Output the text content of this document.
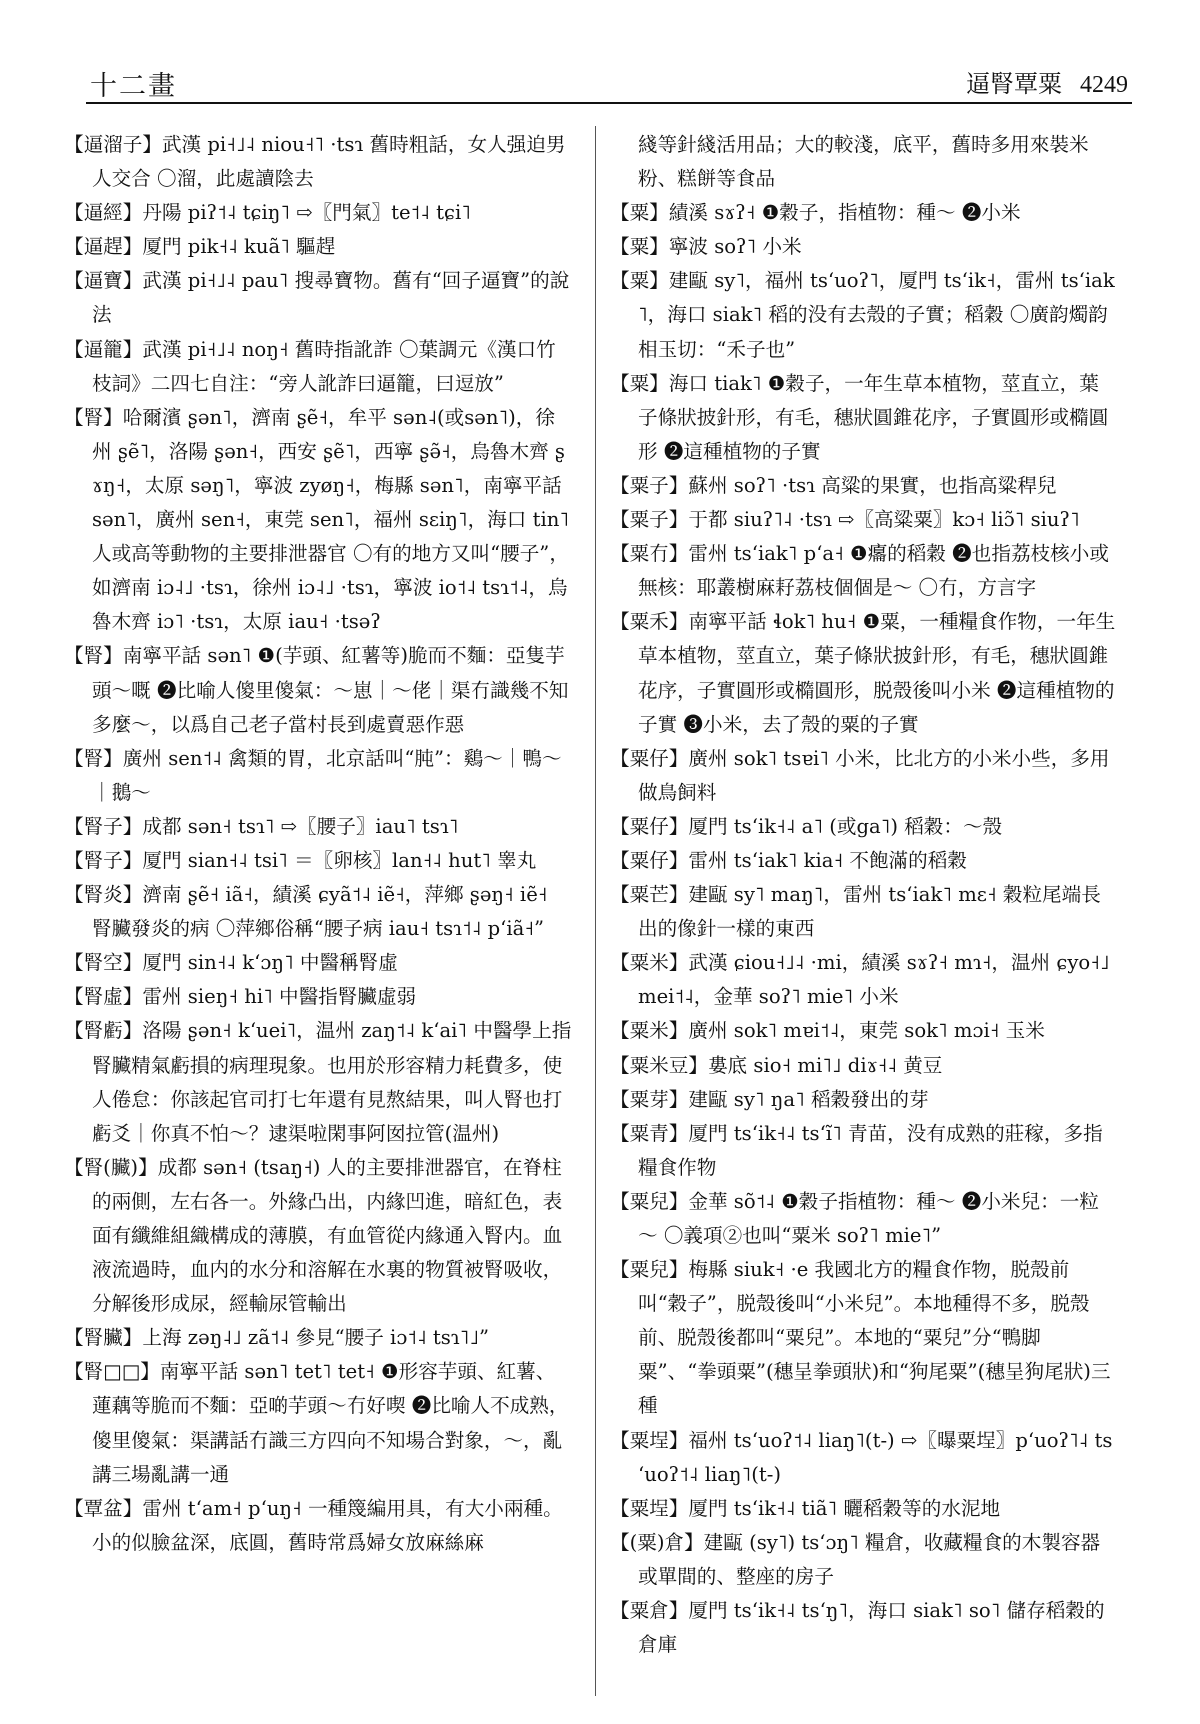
十二畫	逼腎覃粟 4249

【逼溜子】武漢 pi˧˩˨ niou˧˥ ·tsɿ 舊時粗話，女人强迫男人交合 〇溜，此處讀陰去

【逼經】丹陽 piʔ˦˨ tɕiŋ˥ ⇨〖門氣〗te˦˨ tɕi˥

【逼趕】厦門 pik˧˨ kuã˥ 驅趕

【逼寶】武漢 pi˧˩˨ pau˥ 搜尋寶物。舊有“回子逼寶”的說法

【逼籠】武漢 pi˧˩˨ noŋ˧ 舊時指訛詐 〇葉調元《漢口竹枝詞》二四七自注：“旁人訛詐曰逼籠，曰逗放”

【腎】哈爾濱 ʂən˥，濟南 ʂẽ˧，牟平 sən˨(或sən˥)，徐州 ʂẽ˥，洛陽 ʂən˧，西安 ʂẽ˥，西寧 ʂə̃˧，烏魯木齊 ʂɤŋ˧，太原 səŋ˥，寧波 zyøŋ˧，梅縣 sən˥，南寧平話 sən˥，廣州 sen˧，東莞 sen˥，福州 sɛiŋ˥，海口 tin˥ 人或高等動物的主要排泄器官 〇有的地方又叫“腰子”，如濟南 iɔ˨˩ ·tsɿ，徐州 iɔ˨˩ ·tsɿ，寧波 io˦˨ tsɿ˦˨，烏魯木齊 iɔ˥ ·tsɿ，太原 iau˧ ·tsəʔ

【腎】南寧平話 sən˥ ❶(芋頭、紅薯等)脆而不麵：亞隻芋頭～嘅 ❷比喻人傻里傻氣：～崽｜～佬｜渠冇識幾不知多麼～，以爲自己老子當村長到處賣惡作惡

【腎】廣州 sen˦˨ 禽類的胃，北京話叫“肫”：鷄～｜鴨～｜鵝～

【腎子】成都 sən˧ tsɿ˥ ⇨〖腰子〗iau˥ tsɿ˥

【腎子】厦門 sian˧˨ tsi˥ ＝〖卵核〗lan˧˨ hut˥ 睾丸

【腎炎】濟南 ʂẽ˧ iã˧，績溪 ɕyã˦˨ iẽ˧，萍鄉 ʂəŋ˧ iẽ˧ 腎臟發炎的病 〇萍鄉俗稱“腰子病 iau˧ tsɿ˦˨ pʻiã˧”

【腎空】厦門 sin˧˨ kʻɔŋ˥ 中醫稱腎虛

【腎虛】雷州 sieŋ˧ hi˥ 中醫指腎臟虛弱

【腎虧】洛陽 ʂən˧ kʻuei˥，温州 zaŋ˦˨ kʻai˥ 中醫學上指腎臟精氣虧損的病理現象。也用於形容精力耗費多，使人倦怠：你該起官司打七年還有見熬結果，叫人腎也打虧爻｜你真不怕～？逮渠啦閑事阿囡拉管(温州)

【腎(臟)】成都 sən˧ (tsaŋ˧) 人的主要排泄器官，在脊柱的兩側，左右各一。外緣凸出，内緣凹進，暗紅色，表面有纖維組織構成的薄膜，有血管從内緣通入腎内。血液流過時，血内的水分和溶解在水裏的物質被腎吸收，分解後形成尿，經輸尿管輸出

【腎臟】上海 zəŋ˨˩ zã˦˨ 參見“腰子 iɔ˦˨ tsɿ˥˩”

【腎□□】南寧平話 sən˥ tet˥ tet˧ ❶形容芋頭、紅薯、蓮藕等脆而不麵：亞啲芋頭～冇好喫 ❷比喻人不成熟，傻里傻氣：渠講話冇識三方四向不知場合對象，～，亂講三場亂講一通

【覃盆】雷州 tʻam˧ pʻuŋ˧ 一種篾編用具，有大小兩種。小的似臉盆深，底圓，舊時常爲婦女放麻絲麻

綫等針綫活用品；大的較淺，底平，舊時多用來裝米粉、糕餅等食品

【粟】績溪 sɤʔ˧ ❶穀子，指植物：種～ ❷小米

【粟】寧波 soʔ˥ 小米

【粟】建甌 sy˥，福州 tsʻuoʔ˥，厦門 tsʻik˧，雷州 tsʻiak˥，海口 siak˥ 稻的没有去殼的子實；稻穀 〇廣韵燭韵相玉切：“禾子也”

【粟】海口 tiak˥ ❶穀子，一年生草本植物，莖直立，葉子條狀披針形，有毛，穗狀圓錐花序，子實圓形或橢圓形 ❷這種植物的子實

【粟子】蘇州 soʔ˥ ·tsɿ 高粱的果實，也指高粱稈兒

【粟子】于都 siuʔ˥˨ ·tsɿ ⇨〖高粱粟〗kɔ˧ liɔ̃˥ siuʔ˥

【粟冇】雷州 tsʻiak˥ pʻa˧ ❶癟的稻穀 ❷也指荔枝核小或無核：耶叢樹麻耔荔枝個個是～ 〇冇，方言字

【粟禾】南寧平話 ɬok˥ hu˧ ❶粟，一種糧食作物，一年生草本植物，莖直立，葉子條狀披針形，有毛，穗狀圓錐花序，子實圓形或橢圓形，脱殼後叫小米 ❷這種植物的子實 ❸小米，去了殼的粟的子實

【粟仔】廣州 sok˥ tsɐi˥ 小米，比北方的小米小些，多用做鳥飼料

【粟仔】厦門 tsʻik˧˨ a˥ (或ga˥) 稻穀：～殼

【粟仔】雷州 tsʻiak˥ kia˧ 不飽滿的稻穀

【粟芒】建甌 sy˥ maŋ˥，雷州 tsʻiak˥ mɛ˧ 穀粒尾端長出的像針一樣的東西

【粟米】武漢 ɕiou˧˩˨ ·mi，績溪 sɤʔ˧ mɿ˧，温州 ɕyo˧˩ mei˦˨，金華 soʔ˥ mie˥ 小米

【粟米】廣州 sok˥ mɐi˦˨，東莞 sok˥ mɔi˧ 玉米

【粟米豆】婁底 sio˧ mi˥˩ diɤ˧˨ 黄豆

【粟芽】建甌 sy˥ ŋa˥ 稻穀發出的芽

【粟青】厦門 tsʻik˧˨ tsʻĩ˥ 青苗，没有成熟的莊稼，多指糧食作物

【粟兒】金華 sõ˦˨ ❶穀子指植物：種～ ❷小米兒：一粒～ 〇義項②也叫“粟米 soʔ˥ mie˥”

【粟兒】梅縣 siuk˧ ·e 我國北方的糧食作物，脱殼前叫“穀子”，脱殼後叫“小米兒”。本地種得不多，脱殼前、脱殼後都叫“粟兒”。本地的“粟兒”分“鴨脚粟”、“拳頭粟”(穗呈拳頭狀)和“狗尾粟”(穗呈狗尾狀)三種

【粟埕】福州 tsʻuoʔ˦˨ liaŋ˥(t-) ⇨〖曝粟埕〗pʻuoʔ˥˨ tsʻuoʔ˦˨ liaŋ˥(t-)

【粟埕】厦門 tsʻik˧˨ tiã˥ 曬稻穀等的水泥地

【(粟)倉】建甌 (sy˥) tsʻɔŋ˥ 糧倉，收藏糧食的木製容器或單間的、整座的房子

【粟倉】厦門 tsʻik˧˨ tsʻŋ˥，海口 siak˥ so˥ 儲存稻穀的倉庫
